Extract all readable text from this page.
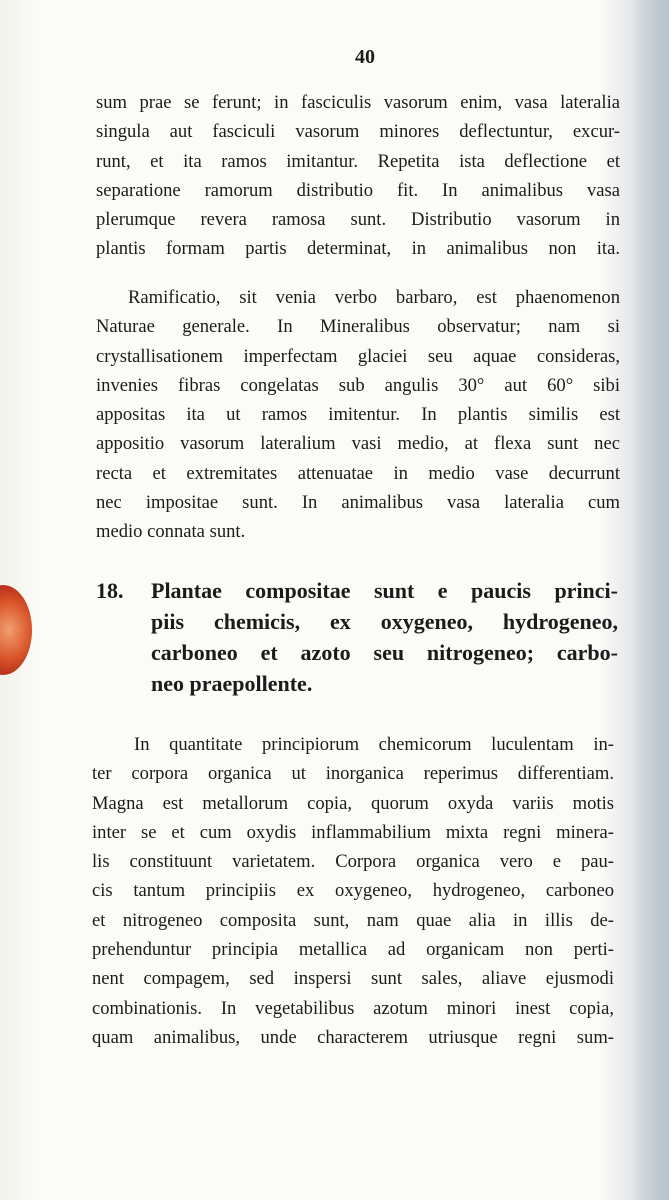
40
sum prae se ferunt; in fasciculis vasorum enim, vasa lateralia
singula aut fasciculi vasorum minores deflectuntur, excur-
runt, et ita ramos imitantur. Repetita ista deflectione et
separatione ramorum distributio fit. In animalibus vasa
plerumque revera ramosa sunt. Distributio vasorum in
plantis formam partis determinat, in animalibus non ita.
Ramificatio, sit venia verbo barbaro, est phaenomenon
Naturae generale. In Mineralibus observatur; nam si
crystallisationem imperfectam glaciei seu aquae consideras,
invenies fibras congelatas sub angulis 30° aut 60° sibi
appositas ita ut ramos imitentur. In plantis similis est
appositio vasorum lateralium vasi medio, at flexa sunt nec
recta et extremitates attenuatae in medio vase decurrunt
nec impositae sunt. In animalibus vasa lateralia cum
medio connata sunt.
18.	Plantae compositae sunt e paucis princi-
piis chemicis, ex oxygeneo, hydrogeneo,
carboneo et azoto seu nitrogeneo; carbo-
neo praepollente.
In quantitate principiorum chemicorum luculentam in-
ter corpora organica ut inorganica reperimus differentiam.
Magna est metallorum copia, quorum oxyda variis motis
inter se et cum oxydis inflammabilium mixta regni minera-
lis constituunt varietatem. Corpora organica vero e pau-
cis tantum principiis ex oxygeneo, hydrogeneo, carboneo
et nitrogeneo composita sunt, nam quae alia in illis de-
prehenduntur principia metallica ad organicam non perti-
nent compagem, sed inspersi sunt sales, aliave ejusmodi
combinationis. In vegetabilibus azotum minori inest copia,
quam animalibus, unde characterem utriusque regni sum-
